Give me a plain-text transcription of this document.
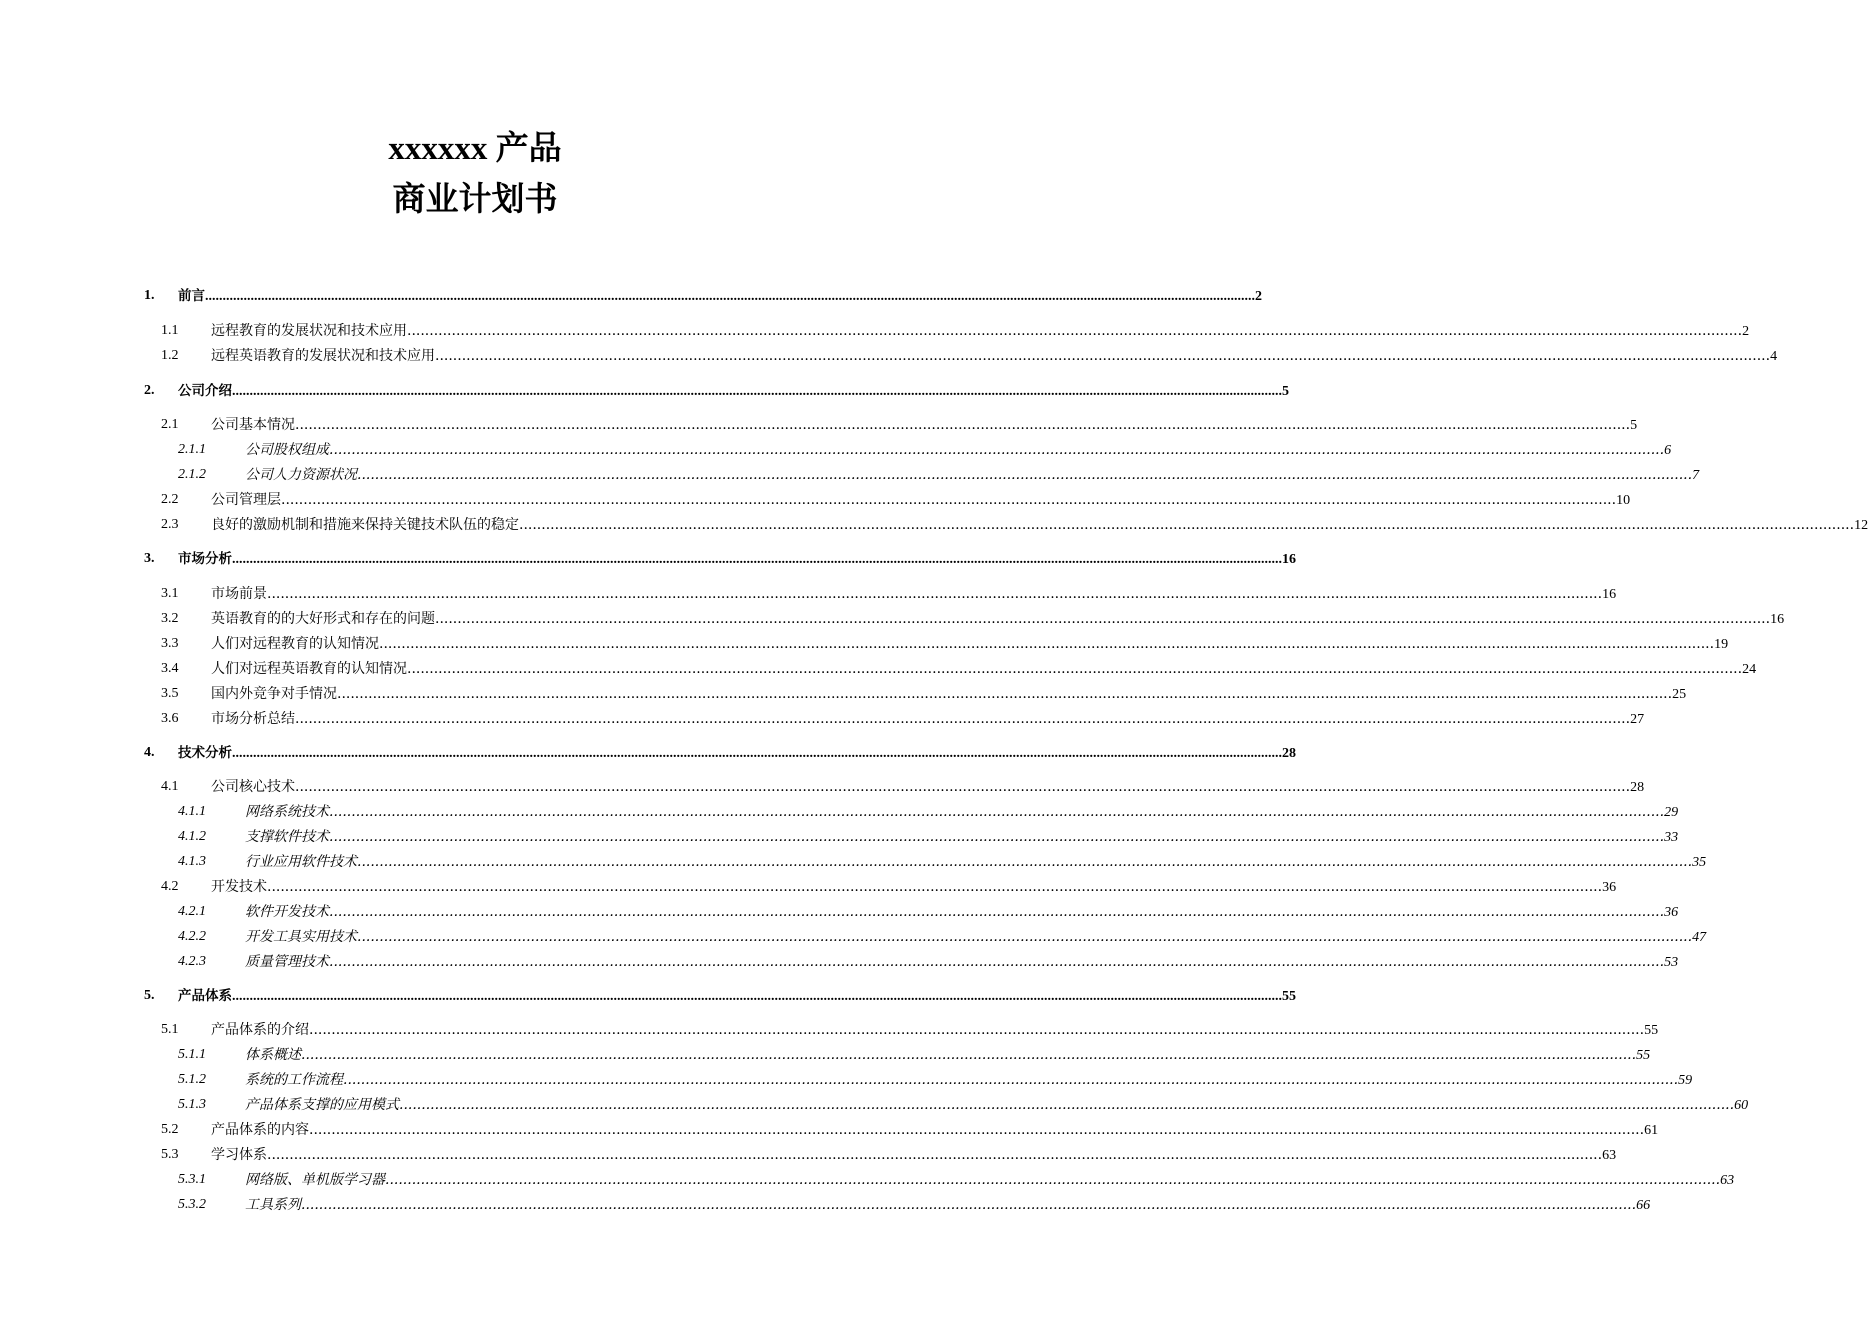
xxxxxx 产品
商业计划书
1. 前言 ............................................................................................................................................................................................................................................................................................................ 2
1.1 远程教育的发展状况和技术应用 ............................................................................................................................................................................................................................................................................................................ 2
1.2 远程英语教育的发展状况和技术应用 ............................................................................................................................................................................................................................................................................................................ 4
2. 公司介绍 ............................................................................................................................................................................................................................................................................................................ 5
2.1 公司基本情况 ............................................................................................................................................................................................................................................................................................................ 5
2.1.1	公司股权组成 ............................................................................................................................................................................................................................................................................................................ 6
2.1.2	公司人力资源状况 ............................................................................................................................................................................................................................................................................................................ 7
2.2 公司管理层 ............................................................................................................................................................................................................................................................................................................ 10
2.3 良好的激励机制和措施来保持关键技术队伍的稳定 ............................................................................................................................................................................................................................................................................................................ 12
3. 市场分析 ............................................................................................................................................................................................................................................................................................................ 16
3.1 市场前景 ............................................................................................................................................................................................................................................................................................................ 16
3.2 英语教育的的大好形式和存在的问题 ............................................................................................................................................................................................................................................................................................................ 16
3.3 人们对远程教育的认知情况 ............................................................................................................................................................................................................................................................................................................ 19
3.4 人们对远程英语教育的认知情况 ............................................................................................................................................................................................................................................................................................................ 24
3.5 国内外竞争对手情况 ............................................................................................................................................................................................................................................................................................................ 25
3.6 市场分析总结 ............................................................................................................................................................................................................................................................................................................ 27
4. 技术分析 ............................................................................................................................................................................................................................................................................................................ 28
4.1 公司核心技术 ............................................................................................................................................................................................................................................................................................................ 28
4.1.1	网络系统技术 ............................................................................................................................................................................................................................................................................................................ 29
4.1.2	支撑软件技术 ............................................................................................................................................................................................................................................................................................................ 33
4.1.3	行业应用软件技术 ............................................................................................................................................................................................................................................................................................................ 35
4.2 开发技术 ............................................................................................................................................................................................................................................................................................................ 36
4.2.1	软件开发技术 ............................................................................................................................................................................................................................................................................................................ 36
4.2.2	开发工具实用技术 ............................................................................................................................................................................................................................................................................................................ 47
4.2.3	质量管理技术 ............................................................................................................................................................................................................................................................................................................ 53
5. 产品体系 ............................................................................................................................................................................................................................................................................................................ 55
5.1 产品体系的介绍 ............................................................................................................................................................................................................................................................................................................ 55
5.1.1	体系概述 ............................................................................................................................................................................................................................................................................................................ 55
5.1.2	系统的工作流程 ............................................................................................................................................................................................................................................................................................................ 59
5.1.3	产品体系支撑的应用模式 ............................................................................................................................................................................................................................................................................................................ 60
5.2 产品体系的内容 ............................................................................................................................................................................................................................................................................................................ 61
5.3 学习体系 ............................................................................................................................................................................................................................................................................................................ 63
5.3.1	网络版、单机版学习器 ............................................................................................................................................................................................................................................................................................................ 63
5.3.2	工具系列 ............................................................................................................................................................................................................................................................................................................ 66
